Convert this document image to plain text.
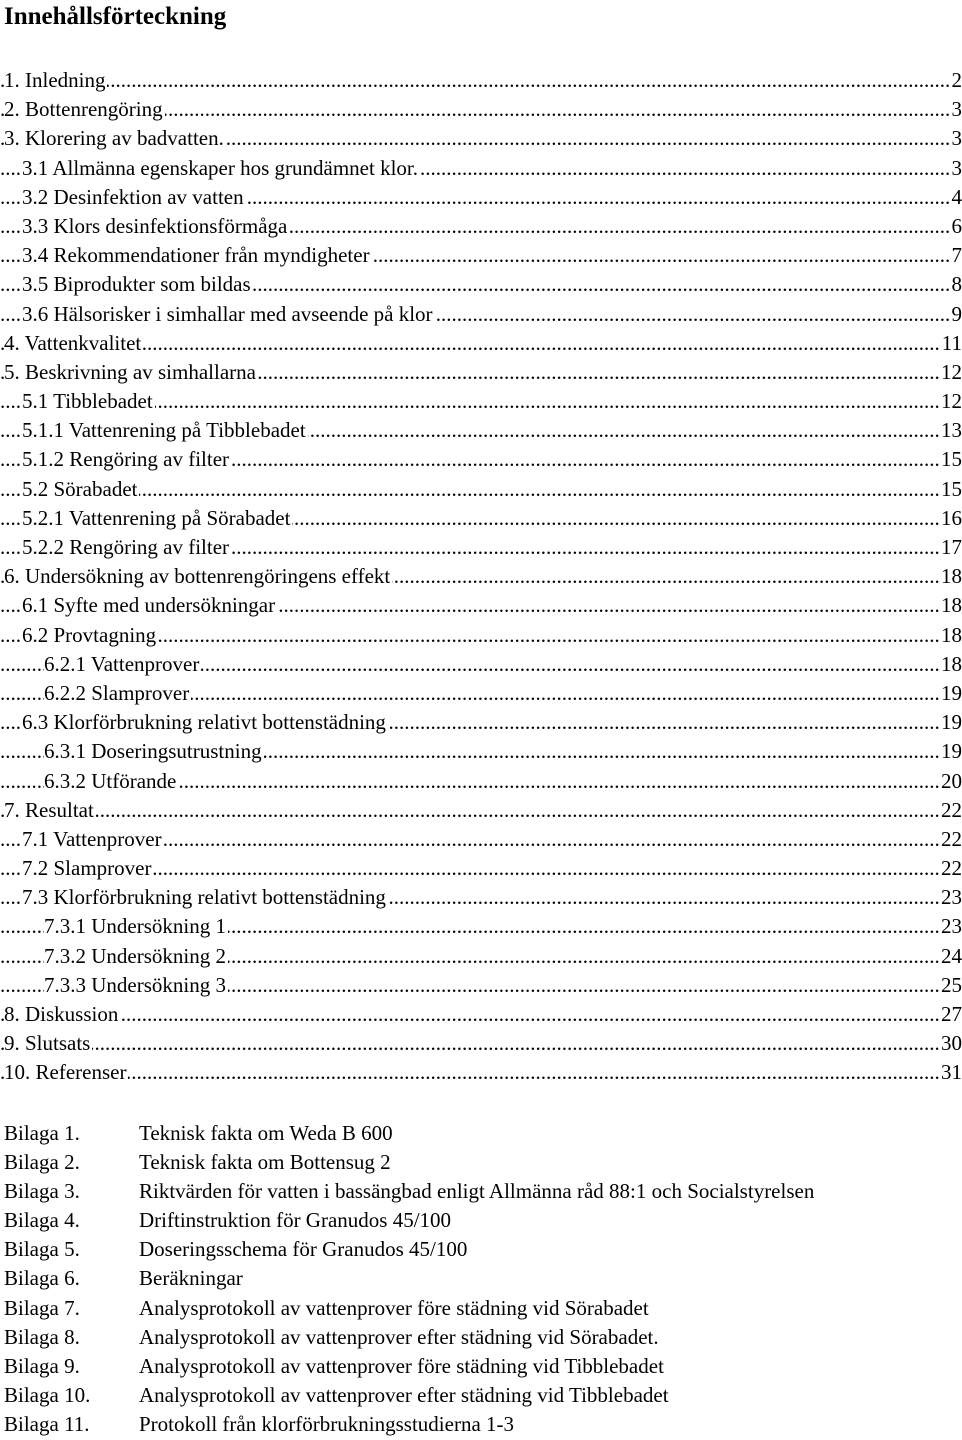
Innehållsförteckning
1. Inledning	2
.....
2. Bottenrengöring	3
.....
3. Klorering av badvatten.	3
.....
3.1 Allmänna egenskaper hos grundämnet klor.	3
.....
3.2 Desinfektion av vatten	4
.....
3.3 Klors desinfektionsförmåga	6
.....
3.4 Rekommendationer från myndigheter	7
.....
3.5 Biprodukter som bildas	8
.....
3.6 Hälsorisker i simhallar med avseende på klor	9
.....
4. Vattenkvalitet	11
.....
5. Beskrivning av simhallarna	12
.....
5.1 Tibblebadet	12
.....
5.1.1 Vattenrening på Tibblebadet	13
.....
5.1.2 Rengöring av filter	15
.....
5.2 Sörabadet	15
.....
5.2.1 Vattenrening på Sörabadet	16
.....
5.2.2 Rengöring av filter	17
.....
6. Undersökning av bottenrengöringens effekt	18
.....
6.1 Syfte med undersökningar	18
.....
6.2 Provtagning	18
.....
6.2.1 Vattenprover	18
.....
6.2.2 Slamprover	19
.....
6.3 Klorförbrukning relativt bottenstädning	19
.....
6.3.1 Doseringsutrustning	19
.....
6.3.2 Utförande	20
.....
7. Resultat	22
.....
7.1 Vattenprover	22
.....
7.2 Slamprover	22
.....
7.3 Klorförbrukning relativt bottenstädning	23
.....
7.3.1 Undersökning 1	23
.....
7.3.2 Undersökning 2	24
.....
7.3.3 Undersökning 3	25
.....
8. Diskussion	27
.....
9. Slutsats	30
.....
10. Referenser	31
.....
Bilaga 1.	Teknisk fakta om Weda B 600
Bilaga 2.	Teknisk fakta om Bottensug 2
Bilaga 3.	Riktvärden för vatten i bassängbad enligt Allmänna råd 88:1 och Socialstyrelsen
Bilaga 4.	Driftinstruktion för Granudos 45/100
Bilaga 5.	Doseringsschema för Granudos 45/100
Bilaga 6.	Beräkningar
Bilaga 7.	Analysprotokoll av vattenprover före städning vid Sörabadet
Bilaga 8.	Analysprotokoll av vattenprover efter städning vid Sörabadet.
Bilaga 9.	Analysprotokoll av vattenprover före städning vid Tibblebadet
Bilaga 10. Analysprotokoll av vattenprover efter städning vid Tibblebadet
Bilaga 11. Protokoll från klorförbrukningsstudierna 1-3
